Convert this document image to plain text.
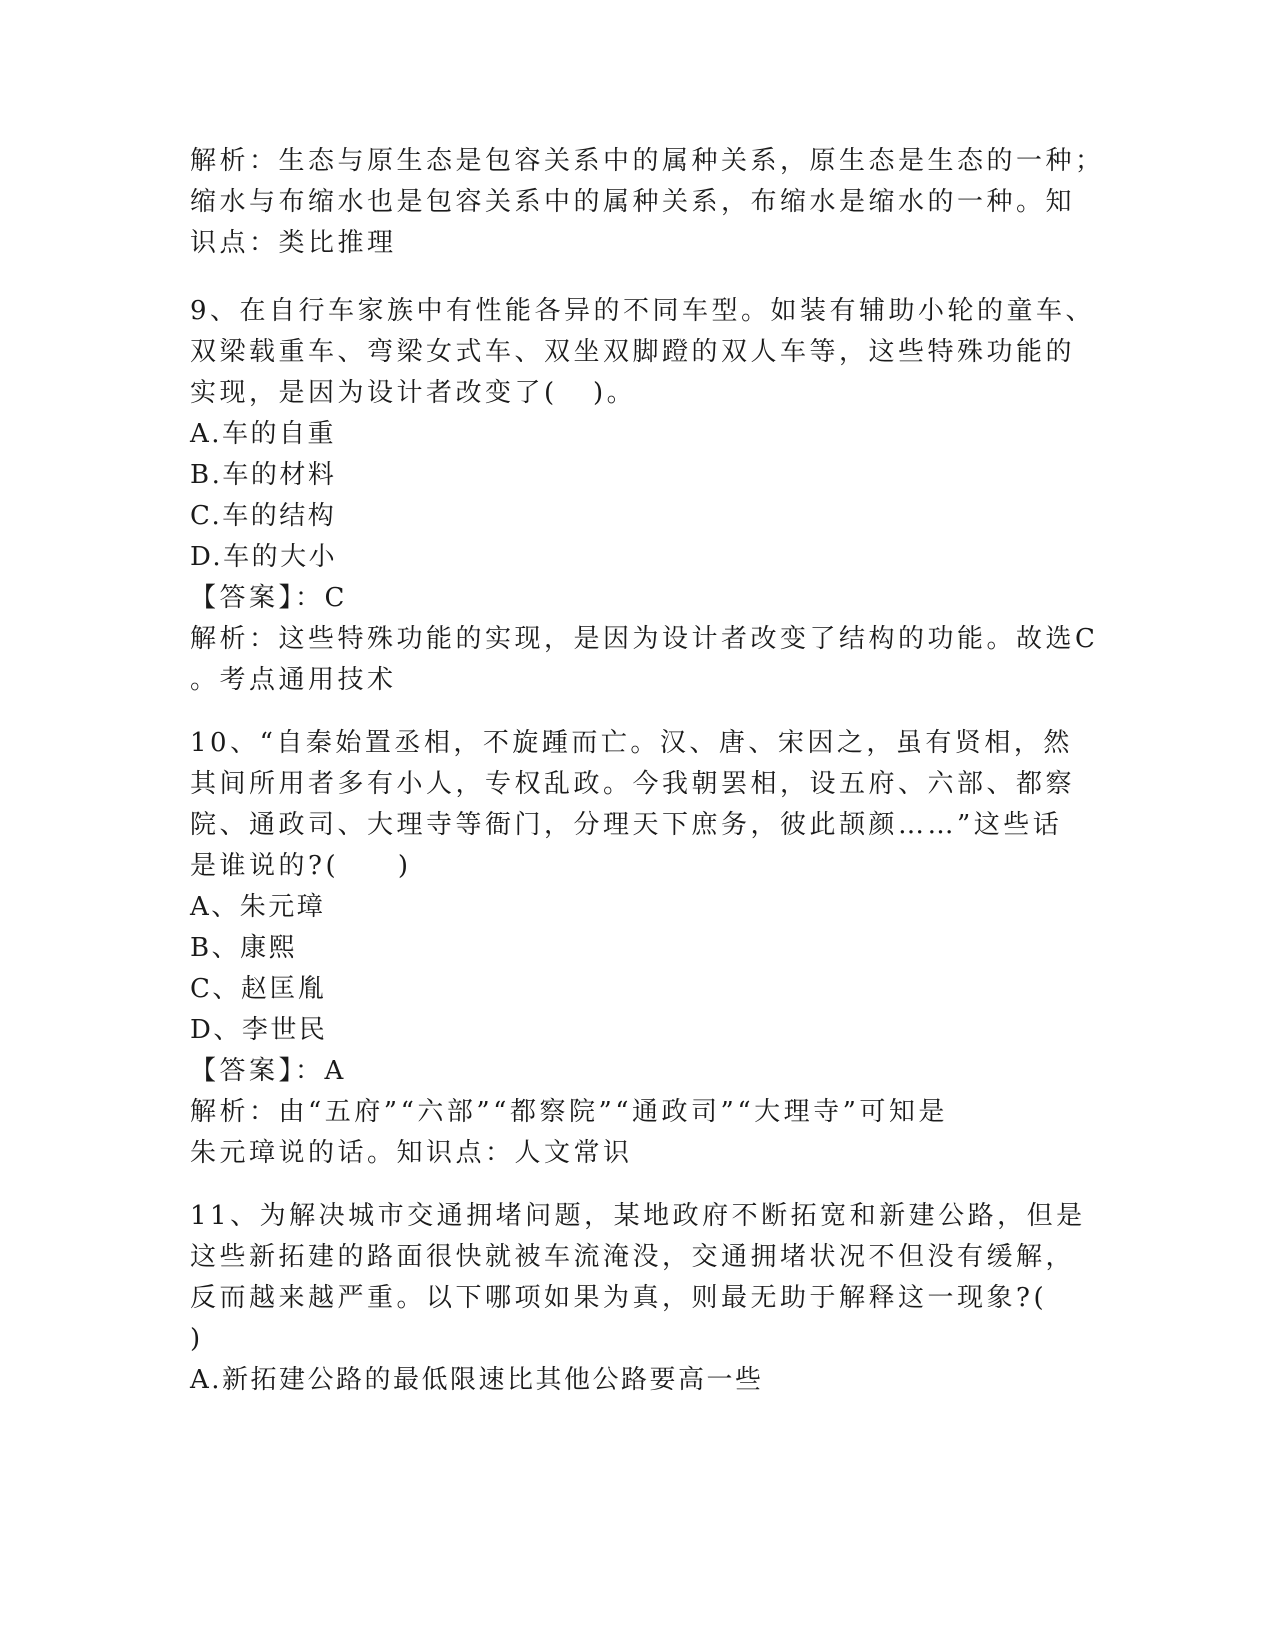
解析：生态与原生态是包容关系中的属种关系，原生态是生态的一种；
缩水与布缩水也是包容关系中的属种关系，布缩水是缩水的一种。知
识点：类比推理
9、在自行车家族中有性能各异的不同车型。如装有辅助小轮的童车、
双梁载重车、弯梁女式车、双坐双脚蹬的双人车等，这些特殊功能的
实现，是因为设计者改变了(   )。
A.车的自重
B.车的材料
C.车的结构
D.车的大小
【答案】：C
解析：这些特殊功能的实现，是因为设计者改变了结构的功能。故选C
。考点通用技术
10、“自秦始置丞相，不旋踵而亡。汉、唐、宋因之，虽有贤相，然
其间所用者多有小人，专权乱政。今我朝罢相，设五府、六部、都察
院、通政司、大理寺等衙门，分理天下庶务，彼此颉颜……”这些话
是谁说的?(     )
A、朱元璋
B、康熙
C、赵匡胤
D、李世民
【答案】：A
解析：由“五府”“六部”“都察院”“通政司”“大理寺”可知是
朱元璋说的话。知识点：人文常识
11、为解决城市交通拥堵问题，某地政府不断拓宽和新建公路，但是
这些新拓建的路面很快就被车流淹没，交通拥堵状况不但没有缓解，
反而越来越严重。以下哪项如果为真，则最无助于解释这一现象?(
)
A.新拓建公路的最低限速比其他公路要高一些
